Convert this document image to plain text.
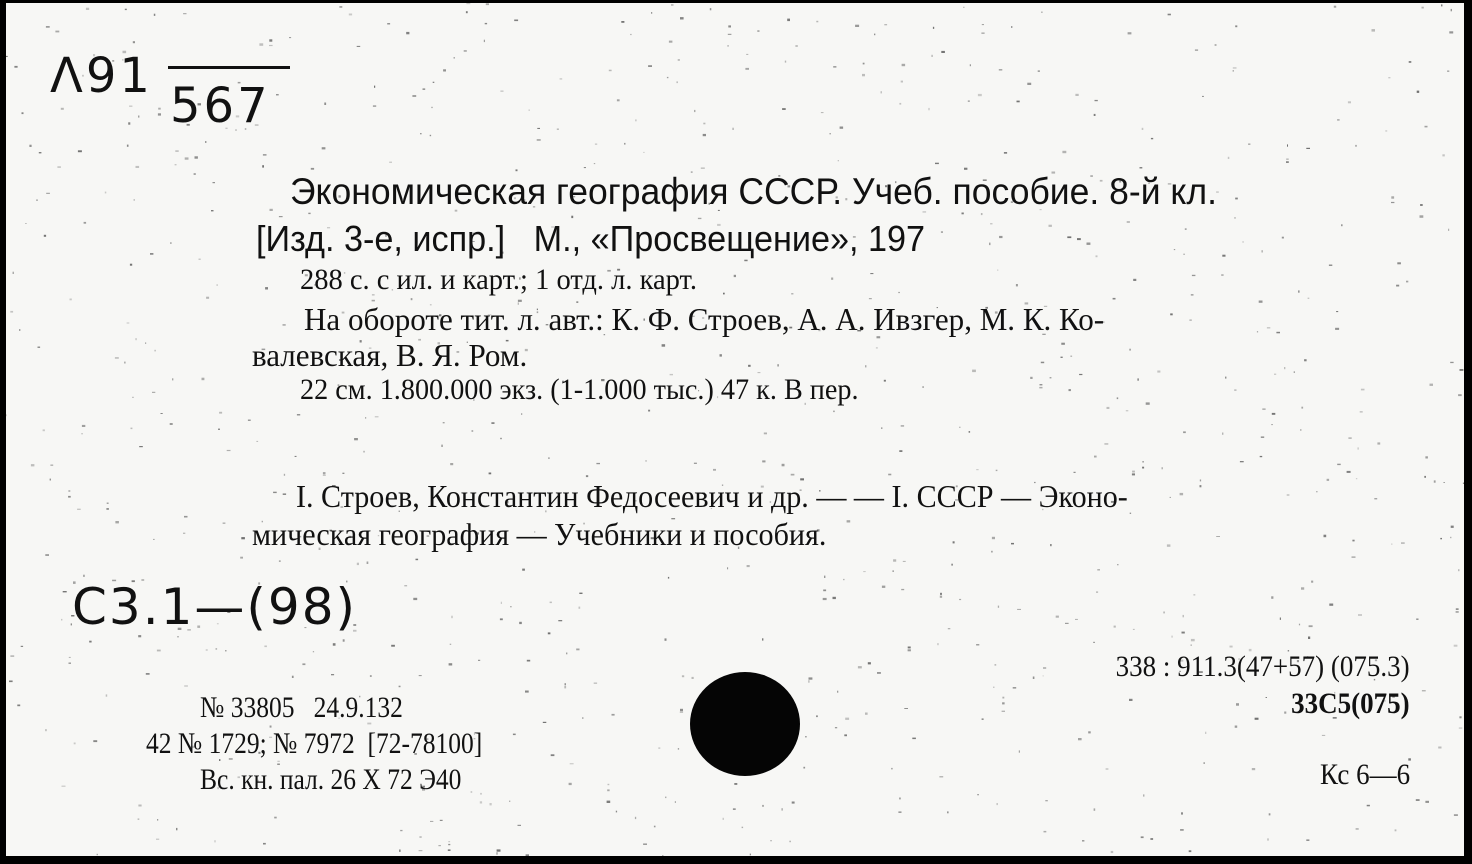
Λ91
567
Экономическая география СССР. Учеб. пособие. 8-й кл.
[Изд. 3-е, испр.]   М., «Просвещение», 197
288 с. с ил. и карт.; 1 отд. л. карт.
На обороте тит. л. авт.: К. Ф. Строев, А. А. Ивзгер, М. К. Ко-
валевская, В. Я. Ром.
22 см. 1.800.000 экз. (1-1.000 тыс.) 47 к. В пер.
I. Строев, Константин Федосеевич и др. — — I. СССР — Эконо-
мическая география — Учебники и пособия.
C3.1—(98)
338 : 911.3(47+57) (075.3)
33С5(075)
№ 33805   24.9.132
42 № 1729; № 7972  [72-78100]
Вс. кн. пал. 26 Х 72 Э40	Кс 6—6
